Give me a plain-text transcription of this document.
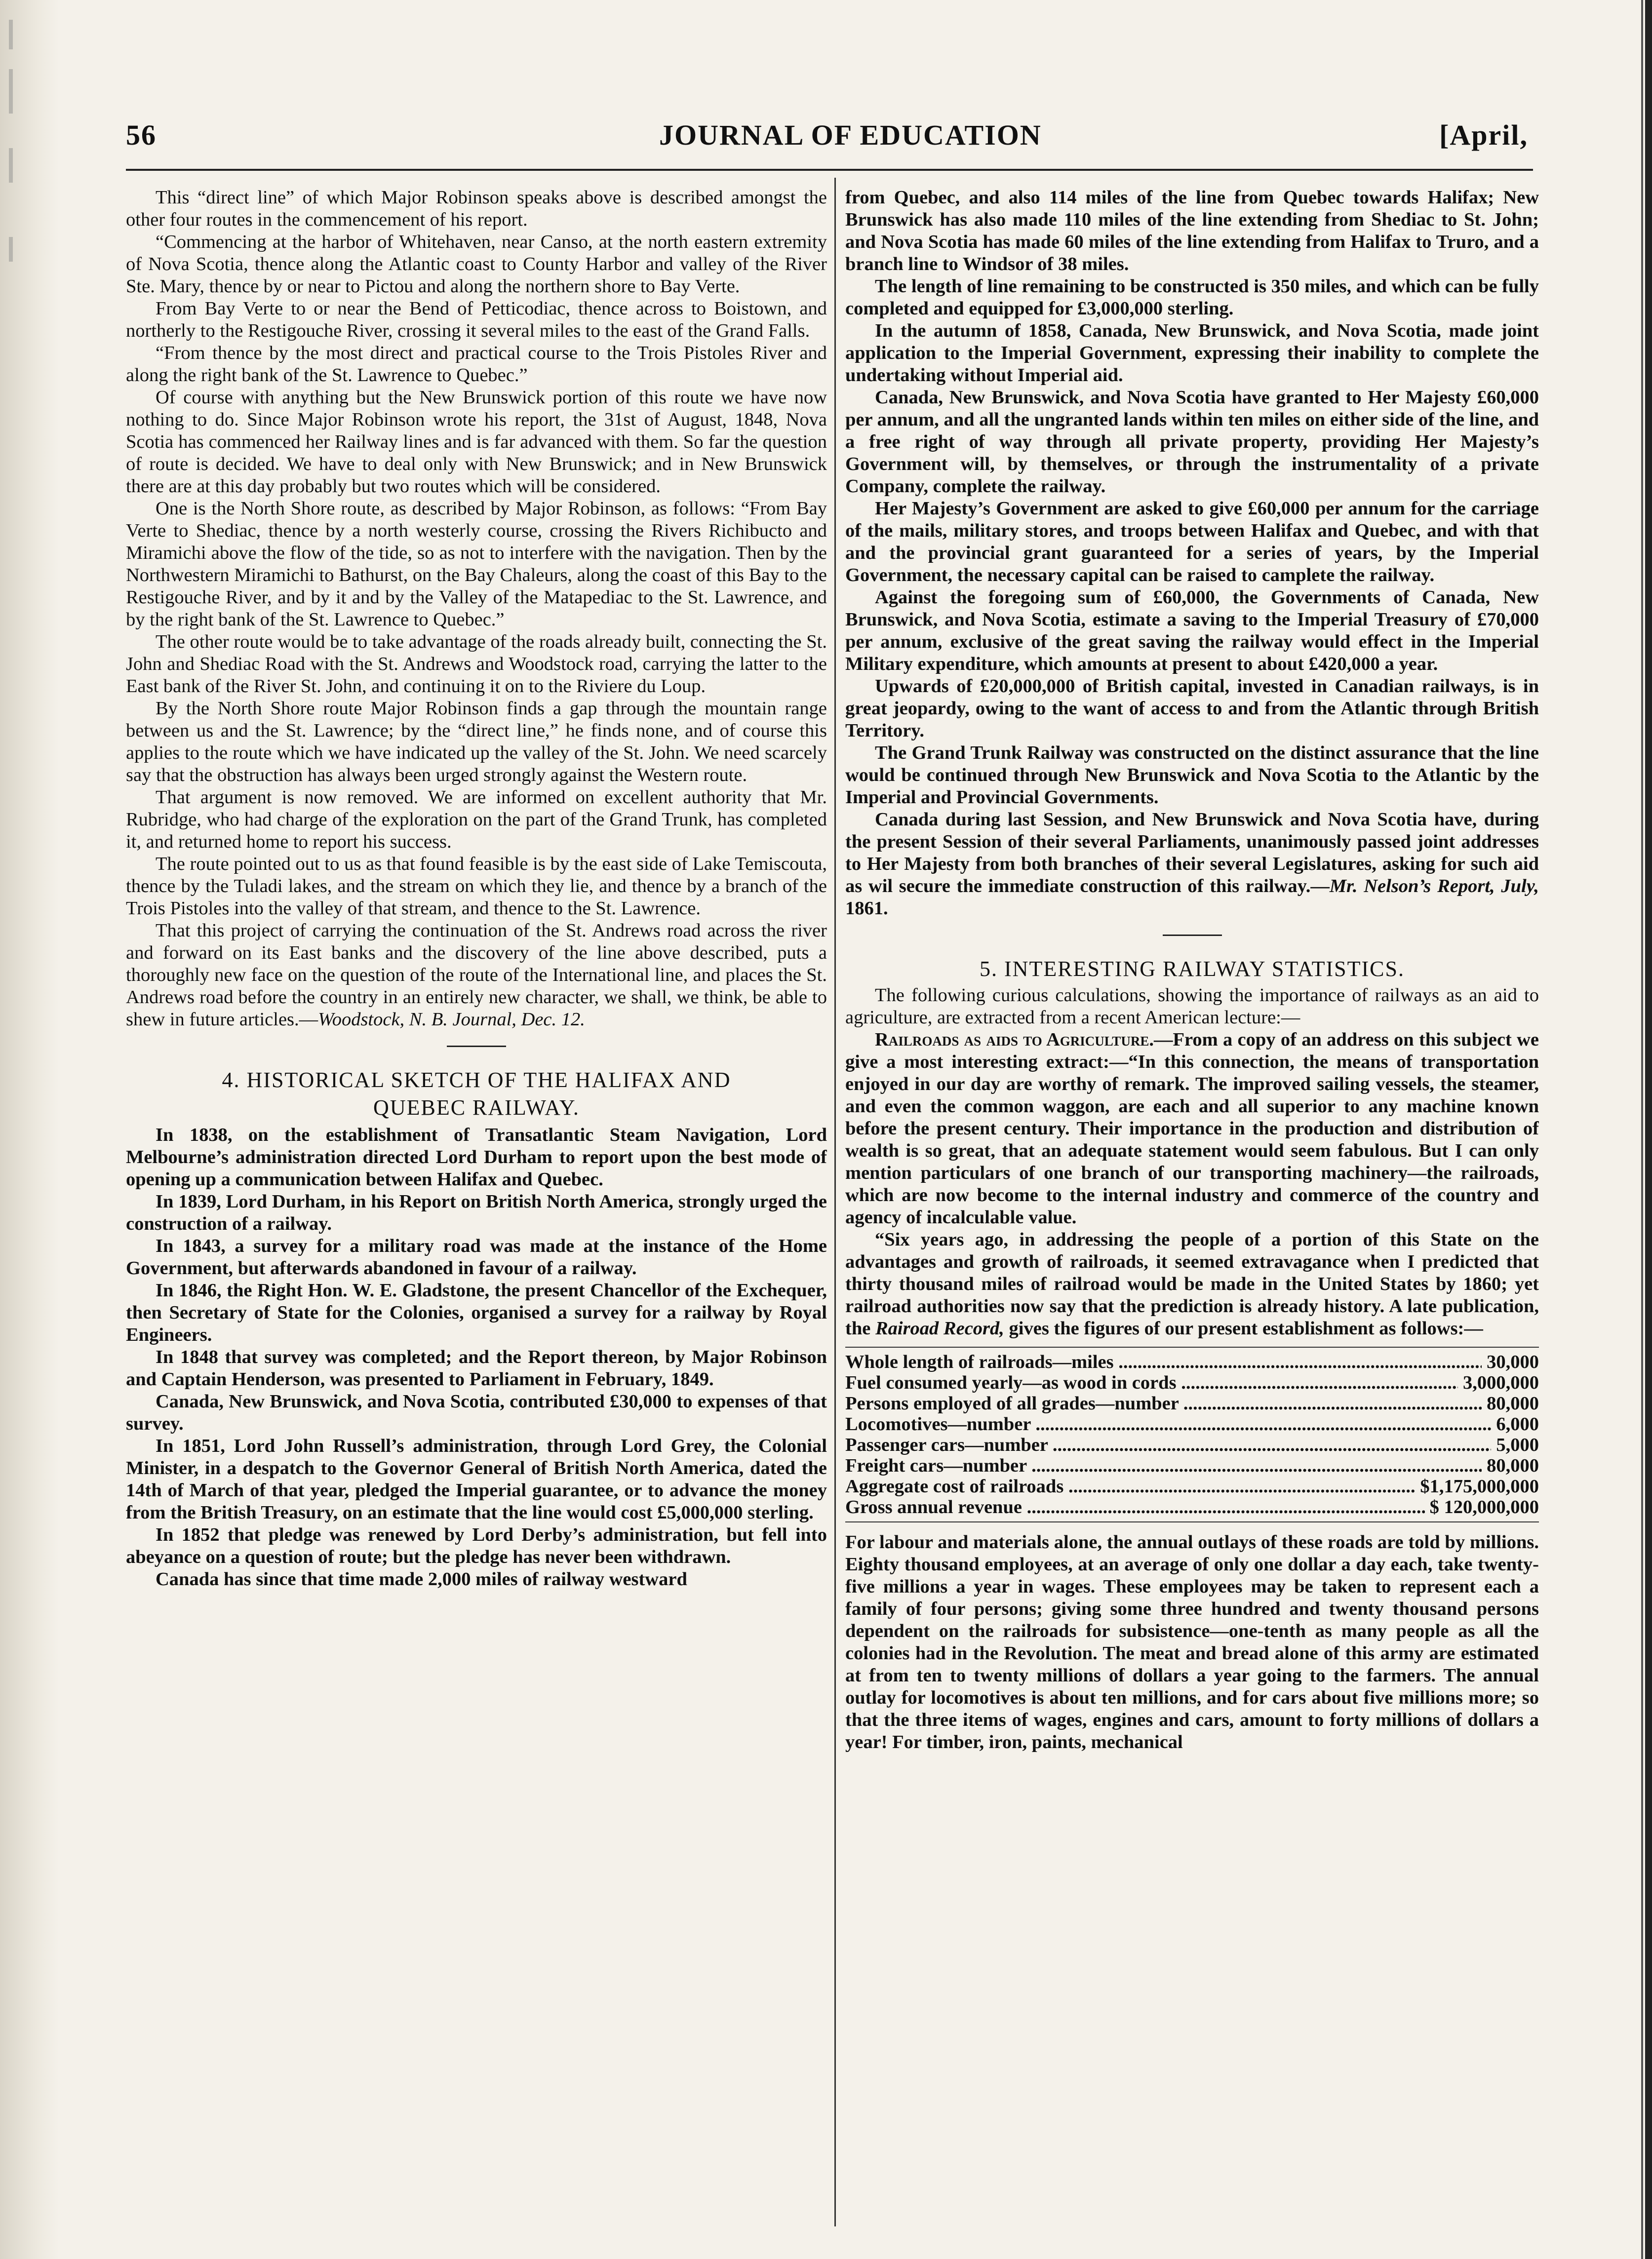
56	JOURNAL OF EDUCATION	[April,

This “direct line” of which Major Robinson speaks above is described amongst the other four routes in the commencement of his report.

“Commencing at the harbor of Whitehaven, near Canso, at the north eastern extremity of Nova Scotia, thence along the Atlantic coast to County Harbor and valley of the River Ste. Mary, thence by or near to Pictou and along the northern shore to Bay Verte.

From Bay Verte to or near the Bend of Petticodiac, thence across to Boistown, and northerly to the Restigouche River, crossing it several miles to the east of the Grand Falls.

“From thence by the most direct and practical course to the Trois Pistoles River and along the right bank of the St. Lawrence to Quebec.”

Of course with anything but the New Brunswick portion of this route we have now nothing to do. Since Major Robinson wrote his report, the 31st of August, 1848, Nova Scotia has commenced her Railway lines and is far advanced with them. So far the question of route is decided. We have to deal only with New Brunswick; and in New Brunswick there are at this day probably but two routes which will be considered.

One is the North Shore route, as described by Major Robinson, as follows: “From Bay Verte to Shediac, thence by a north westerly course, crossing the Rivers Richibucto and Miramichi above the flow of the tide, so as not to interfere with the navigation. Then by the Northwestern Miramichi to Bathurst, on the Bay Chaleurs, along the coast of this Bay to the Restigouche River, and by it and by the Valley of the Matapediac to the St. Lawrence, and by the right bank of the St. Lawrence to Quebec.”

The other route would be to take advantage of the roads already built, connecting the St. John and Shediac Road with the St. Andrews and Woodstock road, carrying the latter to the East bank of the River St. John, and continuing it on to the Riviere du Loup.

By the North Shore route Major Robinson finds a gap through the mountain range between us and the St. Lawrence; by the “direct line,” he finds none, and of course this applies to the route which we have indicated up the valley of the St. John. We need scarcely say that the obstruction has always been urged strongly against the Western route.

That argument is now removed. We are informed on excellent authority that Mr. Rubridge, who had charge of the exploration on the part of the Grand Trunk, has completed it, and returned home to report his success.

The route pointed out to us as that found feasible is by the east side of Lake Temiscouta, thence by the Tuladi lakes, and the stream on which they lie, and thence by a branch of the Trois Pistoles into the valley of that stream, and thence to the St. Lawrence.

That this project of carrying the continuation of the St. Andrews road across the river and forward on its East banks and the discovery of the line above described, puts a thoroughly new face on the question of the route of the International line, and places the St. Andrews road before the country in an entirely new character, we shall, we think, be able to shew in future articles.—Woodstock, N. B. Journal, Dec. 12.

4. HISTORICAL SKETCH OF THE HALIFAX AND
QUEBEC RAILWAY.

In 1838, on the establishment of Transatlantic Steam Navigation, Lord Melbourne’s administration directed Lord Durham to report upon the best mode of opening up a communication between Halifax and Quebec.

In 1839, Lord Durham, in his Report on British North America, strongly urged the construction of a railway.

In 1843, a survey for a military road was made at the instance of the Home Government, but afterwards abandoned in favour of a railway.

In 1846, the Right Hon. W. E. Gladstone, the present Chancellor of the Exchequer, then Secretary of State for the Colonies, organised a survey for a railway by Royal Engineers.

In 1848 that survey was completed; and the Report thereon, by Major Robinson and Captain Henderson, was presented to Parliament in February, 1849.

Canada, New Brunswick, and Nova Scotia, contributed £30,000 to expenses of that survey.

In 1851, Lord John Russell’s administration, through Lord Grey, the Colonial Minister, in a despatch to the Governor General of British North America, dated the 14th of March of that year, pledged the Imperial guarantee, or to advance the money from the British Treasury, on an estimate that the line would cost £5,000,000 sterling.

In 1852 that pledge was renewed by Lord Derby’s administration, but fell into abeyance on a question of route; but the pledge has never been withdrawn.

Canada has since that time made 2,000 miles of railway westward

from Quebec, and also 114 miles of the line from Quebec towards Halifax; New Brunswick has also made 110 miles of the line extending from Shediac to St. John; and Nova Scotia has made 60 miles of the line extending from Halifax to Truro, and a branch line to Windsor of 38 miles.

The length of line remaining to be constructed is 350 miles, and which can be fully completed and equipped for £3,000,000 sterling.

In the autumn of 1858, Canada, New Brunswick, and Nova Scotia, made joint application to the Imperial Government, expressing their inability to complete the undertaking without Imperial aid.

Canada, New Brunswick, and Nova Scotia have granted to Her Majesty £60,000 per annum, and all the ungranted lands within ten miles on either side of the line, and a free right of way through all private property, providing Her Majesty’s Government will, by themselves, or through the instrumentality of a private Company, complete the railway.

Her Majesty’s Government are asked to give £60,000 per annum for the carriage of the mails, military stores, and troops between Halifax and Quebec, and with that and the provincial grant guaranteed for a series of years, by the Imperial Government, the necessary capital can be raised to camplete the railway.

Against the foregoing sum of £60,000, the Governments of Canada, New Brunswick, and Nova Scotia, estimate a saving to the Imperial Treasury of £70,000 per annum, exclusive of the great saving the railway would effect in the Imperial Military expenditure, which amounts at present to about £420,000 a year.

Upwards of £20,000,000 of British capital, invested in Canadian railways, is in great jeopardy, owing to the want of access to and from the Atlantic through British Territory.

The Grand Trunk Railway was constructed on the distinct assurance that the line would be continued through New Brunswick and Nova Scotia to the Atlantic by the Imperial and Provincial Governments.

Canada during last Session, and New Brunswick and Nova Scotia have, during the present Session of their several Parliaments, unanimously passed joint addresses to Her Majesty from both branches of their several Legislatures, asking for such aid as wil secure the immediate construction of this railway.—Mr. Nelson’s Report, July, 1861.

5. INTERESTING RAILWAY STATISTICS.

The following curious calculations, showing the importance of railways as an aid to agriculture, are extracted from a recent American lecture:—

Railroads as aids to Agriculture.—From a copy of an address on this subject we give a most interesting extract:—“In this connection, the means of transportation enjoyed in our day are worthy of remark. The improved sailing vessels, the steamer, and even the common waggon, are each and all superior to any machine known before the present century. Their importance in the production and distribution of wealth is so great, that an adequate statement would seem fabulous. But I can only mention particulars of one branch of our transporting machinery—the railroads, which are now become to the internal industry and commerce of the country and agency of incalculable value.

“Six years ago, in addressing the people of a portion of this State on the advantages and growth of railroads, it seemed extravagance when I predicted that thirty thousand miles of railroad would be made in the United States by 1860; yet railroad authorities now say that the prediction is already history. A late publication, the Rairoad Record, gives the figures of our present establishment as follows:—

Whole length of railroads—miles .....	30,000
Fuel consumed yearly—as wood in cords .....	3,000,000
Persons employed of all grades—number .....	80,000
Locomotives—number .....	6,000
Passenger cars—number .....	5,000
Freight cars—number .....	80,000
Aggregate cost of railroads .....	$1,175,000,000
Gross annual revenue .....	$ 120,000,000

For labour and materials alone, the annual outlays of these roads are told by millions. Eighty thousand employees, at an average of only one dollar a day each, take twenty-five millions a year in wages. These employees may be taken to represent each a family of four persons; giving some three hundred and twenty thousand persons dependent on the railroads for subsistence—one-tenth as many people as all the colonies had in the Revolution. The meat and bread alone of this army are estimated at from ten to twenty millions of dollars a year going to the farmers. The annual outlay for locomotives is about ten millions, and for cars about five millions more; so that the three items of wages, engines and cars, amount to forty millions of dollars a year! For timber, iron, paints, mechanical
